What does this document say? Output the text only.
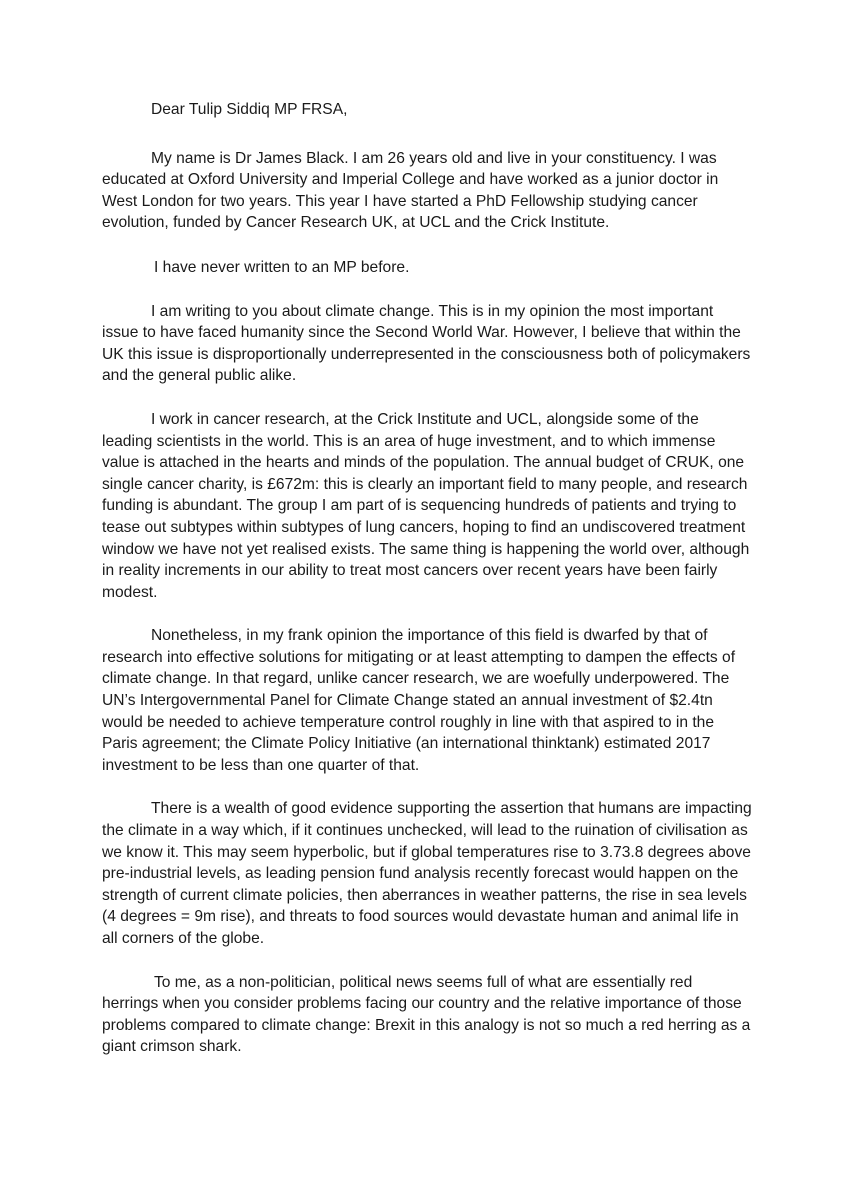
Dear Tulip Siddiq MP FRSA,

My name is Dr James Black. I am 26 years old and live in your constituency. I was educated at Oxford University and Imperial College and have worked as a junior doctor in West London for two years. This year I have started a PhD Fellowship studying cancer evolution, funded by Cancer Research UK, at UCL and the Crick Institute.

I have never written to an MP before.

I am writing to you about climate change. This is in my opinion the most important issue to have faced humanity since the Second World War. However, I believe that within the UK this issue is disproportionally underrepresented in the consciousness both of policymakers and the general public alike.

I work in cancer research, at the Crick Institute and UCL, alongside some of the leading scientists in the world. This is an area of huge investment, and to which immense value is attached in the hearts and minds of the population. The annual budget of CRUK, one single cancer charity, is £672m: this is clearly an important field to many people, and research funding is abundant. The group I am part of is sequencing hundreds of patients and trying to tease out subtypes within subtypes of lung cancers, hoping to find an undiscovered treatment window we have not yet realised exists. The same thing is happening the world over, although in reality increments in our ability to treat most cancers over recent years have been fairly modest.

Nonetheless, in my frank opinion the importance of this field is dwarfed by that of research into effective solutions for mitigating or at least attempting to dampen the effects of climate change. In that regard, unlike cancer research, we are woefully underpowered. The UN’s Intergovernmental Panel for Climate Change stated an annual investment of $2.4tn would be needed to achieve temperature control roughly in line with that aspired to in the Paris agreement; the Climate Policy Initiative (an international thinktank) estimated 2017 investment to be less than one quarter of that.

There is a wealth of good evidence supporting the assertion that humans are impacting the climate in a way which, if it continues unchecked, will lead to the ruination of civilisation as we know it. This may seem hyperbolic, but if global temperatures rise to 3.73.8 degrees above pre-industrial levels, as leading pension fund analysis recently forecast would happen on the strength of current climate policies, then aberrances in weather patterns, the rise in sea levels (4 degrees = 9m rise), and threats to food sources would devastate human and animal life in all corners of the globe.

To me, as a non-politician, political news seems full of what are essentially red herrings when you consider problems facing our country and the relative importance of those problems compared to climate change: Brexit in this analogy is not so much a red herring as a giant crimson shark.
